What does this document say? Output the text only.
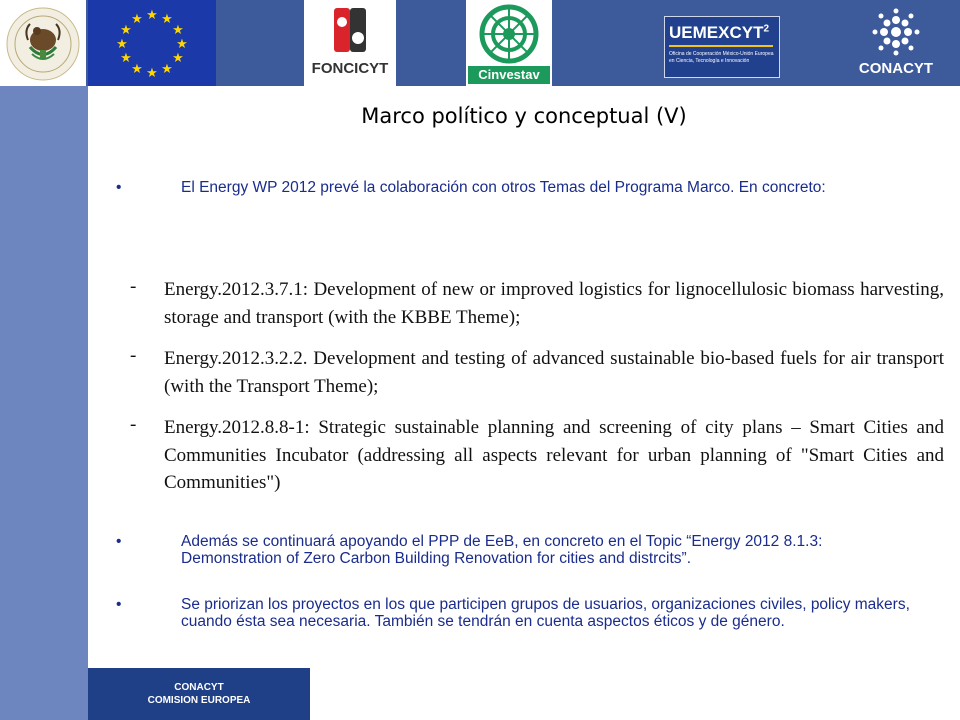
★ ★
★
★
★
★
★
★
★
★
★
★
FONCICYT	Cinvestav
UEMEXCYT$^2$
Oficina de Cooperación México-Unión Europea
en Ciencia, Tecnología e Innovación	CONACYT
Marco político y conceptual (V)
•	El Energy WP 2012 prevé la colaboración con otros Temas del Programa Marco. En concreto:
-	Energy.2012.3.7.1: Development of new or improved logistics for lignocellulosic biomass harvesting, storage and transport (with the KBBE Theme);
-	Energy.2012.3.2.2. Development and testing of advanced sustainable bio-based fuels for air transport (with the Transport Theme);
-	Energy.2012.8.8-1: Strategic sustainable planning and screening of city plans – Smart Cities and Communities Incubator (addressing all aspects relevant for urban planning of "Smart Cities and Communities")
•	Además se continuará apoyando el PPP de EeB, en concreto en el Topic “Energy 2012 8.1.3: Demonstration of Zero Carbon Building Renovation for cities and distrcits”.
•	Se priorizan los proyectos en los que participen grupos de usuarios, organizaciones civiles, policy makers, cuando ésta sea necesaria. También se tendrán en cuenta aspectos éticos y de género.
CONACYT
COMISION EUROPEA
